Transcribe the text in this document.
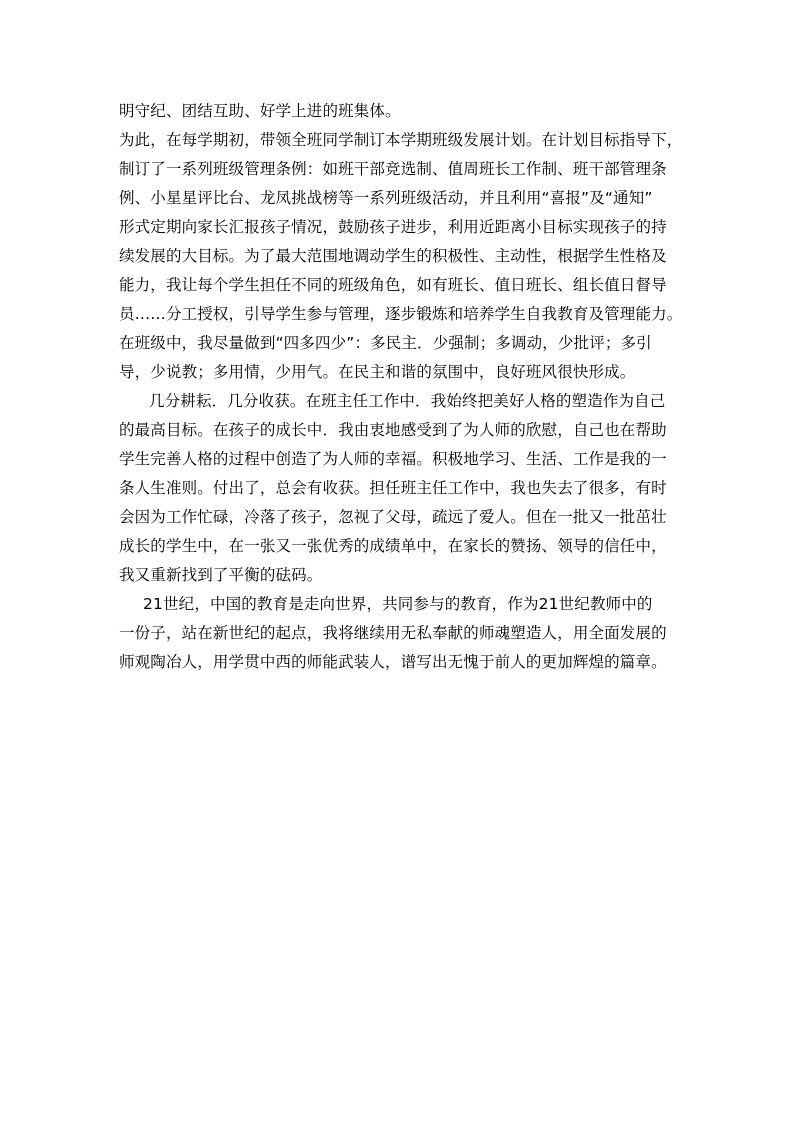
明守纪、团结互助、好学上进的班集体。
为此，在每学期初，带领全班同学制订本学期班级发展计划。在计划目标指导下，
制订了一系列班级管理条例：如班干部竞选制、值周班长工作制、班干部管理条
例、小星星评比台、龙凤挑战榜等一系列班级活动，并且利用“喜报”及“通知”
形式定期向家长汇报孩子情况，鼓励孩子进步，利用近距离小目标实现孩子的持
续发展的大目标。为了最大范围地调动学生的积极性、主动性，根据学生性格及
能力，我让每个学生担任不同的班级角色，如有班长、值日班长、组长值日督导
员……分工授权，引导学生参与管理，逐步锻炼和培养学生自我教育及管理能力。
在班级中，我尽量做到“四多四少”：多民主．少强制；多调动，少批评；多引
导，少说教；多用情，少用气。在民主和谐的氛围中，良好班风很快形成。
几分耕耘．几分收获。在班主任工作中．我始终把美好人格的塑造作为自己
的最高目标。在孩子的成长中．我由衷地感受到了为人师的欣慰，自己也在帮助
学生完善人格的过程中创造了为人师的幸福。积极地学习、生活、工作是我的一
条人生准则。付出了，总会有收获。担任班主任工作中，我也失去了很多，有时
会因为工作忙碌，冷落了孩子，忽视了父母，疏远了爱人。但在一批又一批茁壮
成长的学生中，在一张又一张优秀的成绩单中，在家长的赞扬、领导的信任中，
我又重新找到了平衡的砝码。
21世纪，中国的教育是走向世界，共同参与的教育，作为21世纪教师中的
一份子，站在新世纪的起点，我将继续用无私奉献的师魂塑造人，用全面发展的
师观陶冶人，用学贯中西的师能武装人，谱写出无愧于前人的更加辉煌的篇章。
